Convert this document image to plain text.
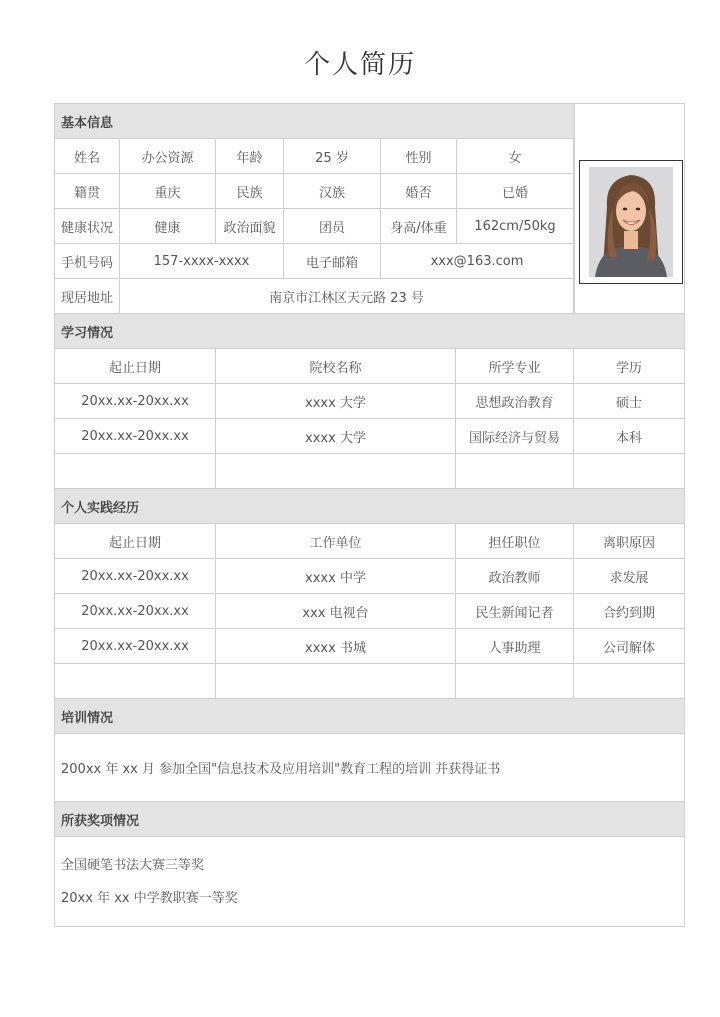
个人简历
基本信息
姓名	办公资源	年龄	25 岁	性别	女
籍贯	重庆	民族	汉族	婚否	已婚
健康状况	健康	政治面貌	团员	身高/体重	162cm/50kg
手机号码	157-xxxx-xxxx	电子邮箱	xxx@163.com
现居地址	南京市江林区天元路 23 号
学习情况
起止日期	院校名称	所学专业	学历
20xx.xx-20xx.xx	xxxx 大学	思想政治教育	硕士
20xx.xx-20xx.xx	xxxx 大学	国际经济与贸易	本科
个人实践经历
起止日期	工作单位	担任职位	离职原因
20xx.xx-20xx.xx	xxxx 中学	政治教师	求发展
20xx.xx-20xx.xx	xxx 电视台	民生新闻记者	合约到期
20xx.xx-20xx.xx	xxxx 书城	人事助理	公司解体
培训情况
200xx 年 xx 月 参加全国"信息技术及应用培训"教育工程的培训 并获得证书
所获奖项情况
全国硬笔书法大赛三等奖
20xx 年 xx 中学教职赛一等奖
